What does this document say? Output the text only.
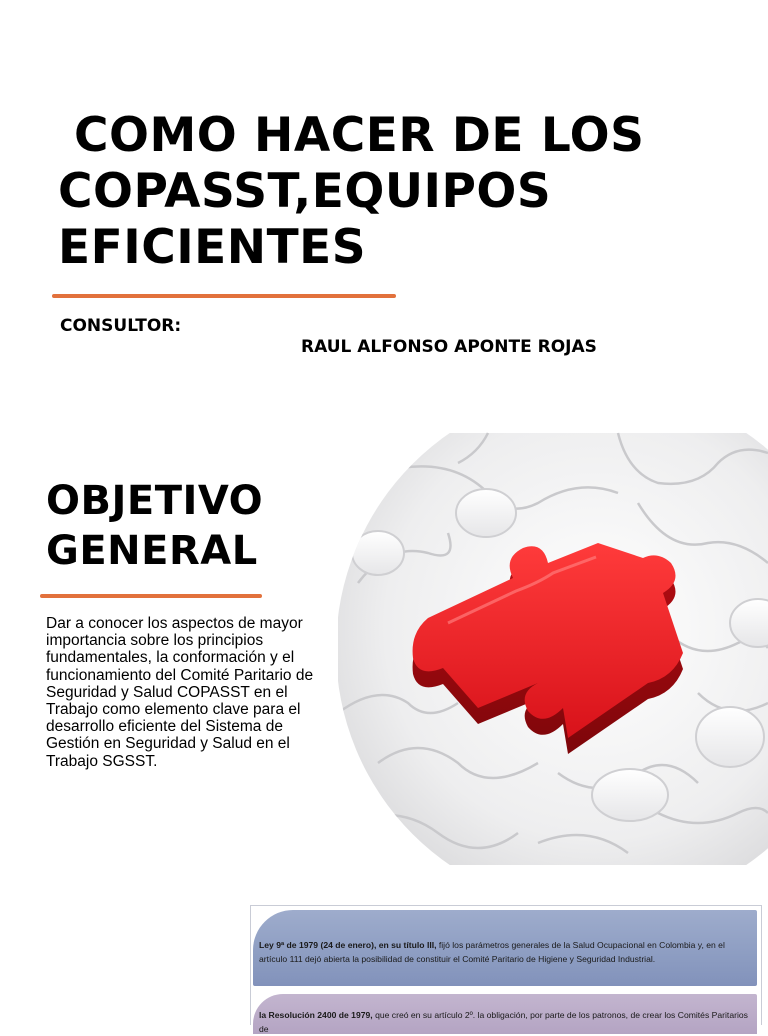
COMO HACER DE LOS
COPASST,EQUIPOS
EFICIENTES
CONSULTOR:
RAUL ALFONSO APONTE ROJAS
OBJETIVO
GENERAL

Dar a conocer los aspectos de mayor importancia sobre los principios fundamentales, la conformación y el funcionamiento del Comité Paritario de Seguridad y Salud COPASST en el Trabajo como elemento clave para el desarrollo eficiente del Sistema de Gestión en Seguridad y Salud en el Trabajo SGSST.

Ley 9ª de 1979 (24 de enero), en su título III, fijó los parámetros generales de la Salud Ocupacional en Colombia y, en el artículo 111 dejó abierta la posibilidad de constituir el Comité Paritario de Higiene y Seguridad Industrial.
la Resolución 2400 de 1979, que creó en su artículo 2º. la obligación, por parte de los patronos, de crear los Comités Paritarios de
